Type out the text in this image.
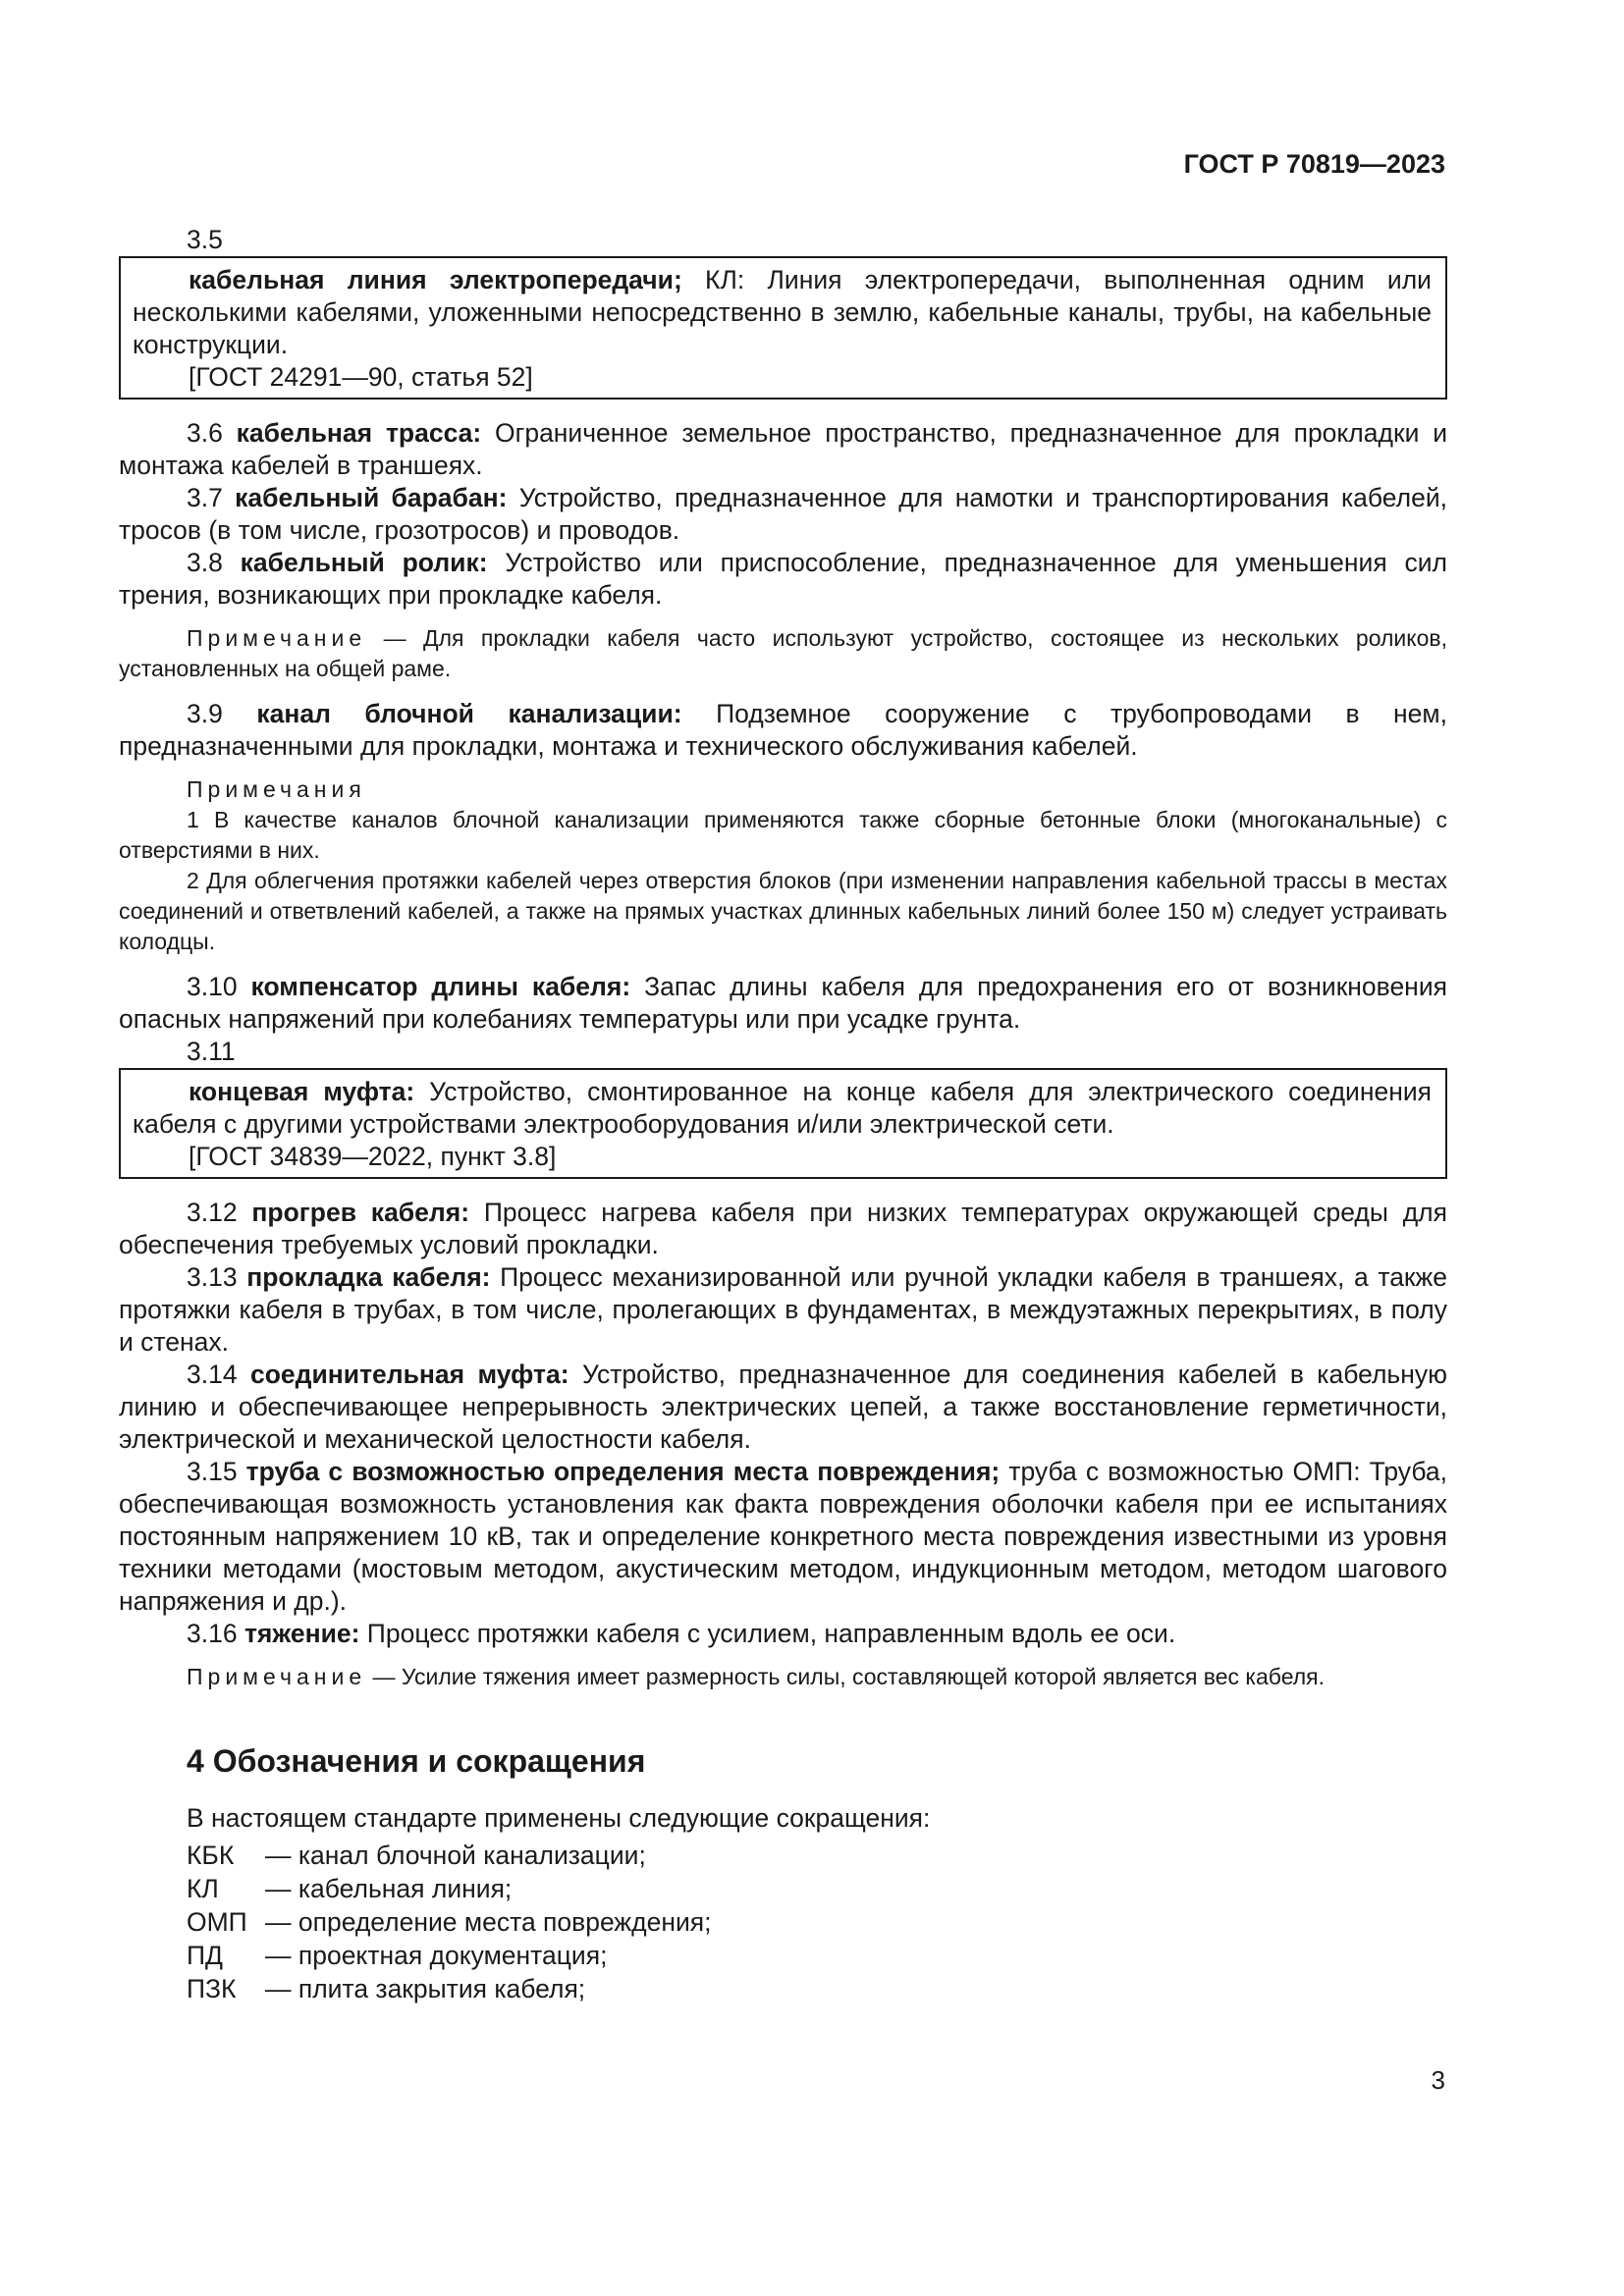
ГОСТ Р 70819—2023

3.5

кабельная линия электропередачи; КЛ: Линия электропередачи, выполненная одним или несколькими кабелями, уложенными непосредственно в землю, кабельные каналы, трубы, на кабельные конструкции.

[ГОСТ 24291—90, статья 52]

3.6 кабельная трасса: Ограниченное земельное пространство, предназначенное для прокладки и монтажа кабелей в траншеях.

3.7 кабельный барабан: Устройство, предназначенное для намотки и транспортирования кабелей, тросов (в том числе, грозотросов) и проводов.

3.8 кабельный ролик: Устройство или приспособление, предназначенное для уменьшения сил трения, возникающих при прокладке кабеля.

Примечание — Для прокладки кабеля часто используют устройство, состоящее из нескольких роликов, установленных на общей раме.

3.9 канал блочной канализации: Подземное сооружение с трубопроводами в нем, предназначенными для прокладки, монтажа и технического обслуживания кабелей.

Примечания
1 В качестве каналов блочной канализации применяются также сборные бетонные блоки (многоканальные) с отверстиями в них.
2 Для облегчения протяжки кабелей через отверстия блоков (при изменении направления кабельной трассы в местах соединений и ответвлений кабелей, а также на прямых участках длинных кабельных линий более 150 м) следует устраивать колодцы.

3.10 компенсатор длины кабеля: Запас длины кабеля для предохранения его от возникновения опасных напряжений при колебаниях температуры или при усадке грунта.

3.11

концевая муфта: Устройство, смонтированное на конце кабеля для электрического соединения кабеля с другими устройствами электрооборудования и/или электрической сети.

[ГОСТ 34839—2022, пункт 3.8]

3.12 прогрев кабеля: Процесс нагрева кабеля при низких температурах окружающей среды для обеспечения требуемых условий прокладки.

3.13 прокладка кабеля: Процесс механизированной или ручной укладки кабеля в траншеях, а также протяжки кабеля в трубах, в том числе, пролегающих в фундаментах, в междуэтажных перекрытиях, в полу и стенах.

3.14 соединительная муфта: Устройство, предназначенное для соединения кабелей в кабельную линию и обеспечивающее непрерывность электрических цепей, а также восстановление герметичности, электрической и механической целостности кабеля.

3.15 труба с возможностью определения места повреждения; труба с возможностью ОМП: Труба, обеспечивающая возможность установления как факта повреждения оболочки кабеля при ее испытаниях постоянным напряжением 10 кВ, так и определение конкретного места повреждения известными из уровня техники методами (мостовым методом, акустическим методом, индукционным методом, методом шагового напряжения и др.).

3.16 тяжение: Процесс протяжки кабеля с усилием, направленным вдоль ее оси.

Примечание — Усилие тяжения имеет размерность силы, составляющей которой является вес кабеля.
4 Обозначения и сокращения

В настоящем стандарте применены следующие сокращения:

КБК	— канал блочной канализации;
КЛ	— кабельная линия;
ОМП — определение места повреждения;
ПД	— проектная документация;
ПЗК	— плита закрытия кабеля;
3
